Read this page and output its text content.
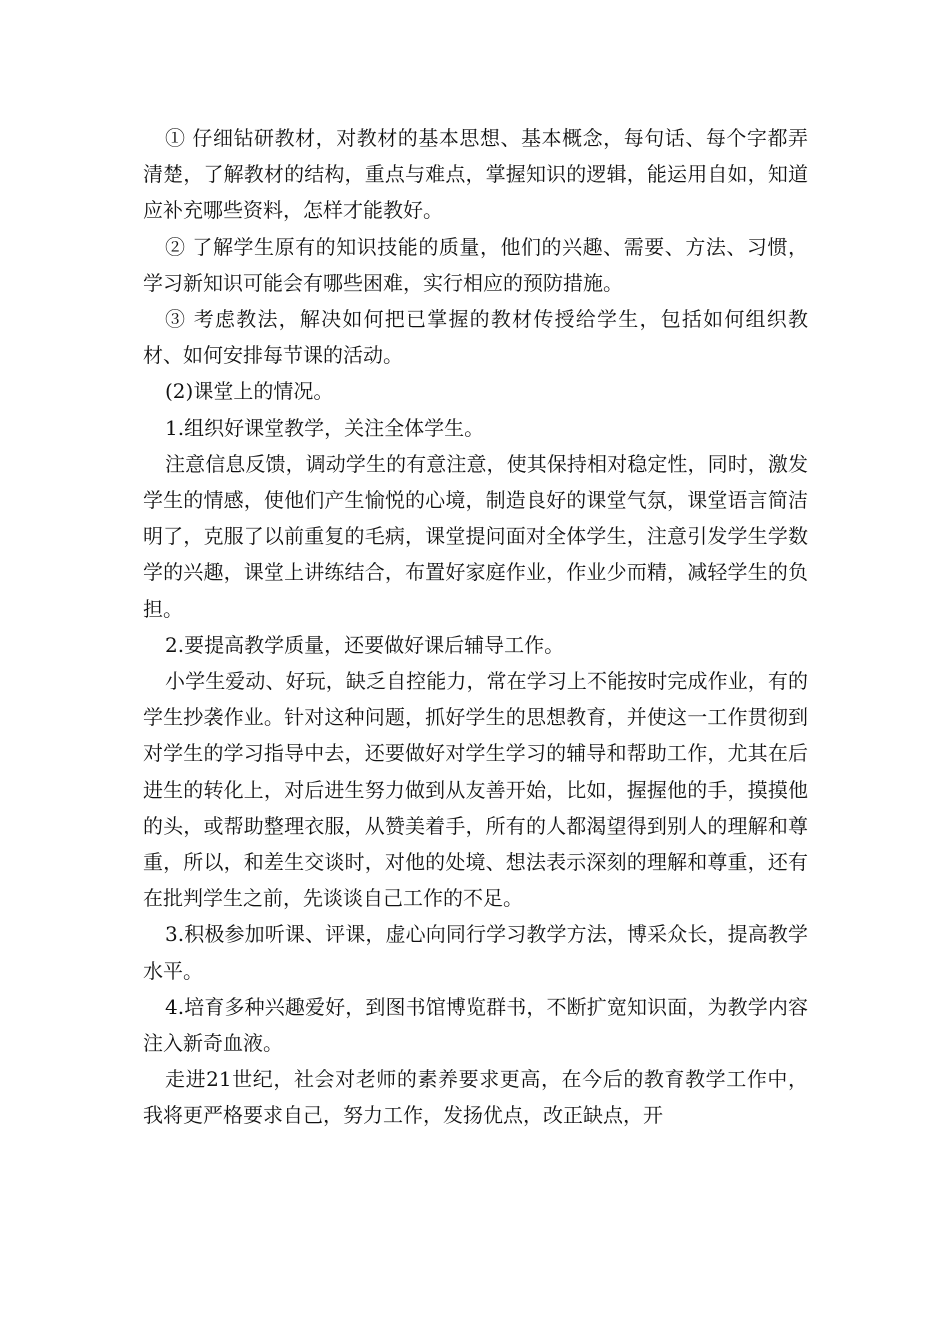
① 仔细钻研教材，对教材的基本思想、基本概念，每句话、每个字都弄清楚，了解教材的结构，重点与难点，掌握知识的逻辑，能运用自如，知道应补充哪些资料，怎样才能教好。

② 了解学生原有的知识技能的质量，他们的兴趣、需要、方法、习惯，学习新知识可能会有哪些困难，实行相应的预防措施。

③ 考虑教法，解决如何把已掌握的教材传授给学生，包括如何组织教材、如何安排每节课的活动。

(2)课堂上的情况。

1.组织好课堂教学，关注全体学生。

注意信息反馈，调动学生的有意注意，使其保持相对稳定性，同时，激发学生的情感，使他们产生愉悦的心境，制造良好的课堂气氛，课堂语言简洁明了，克服了以前重复的毛病，课堂提问面对全体学生，注意引发学生学数学的兴趣，课堂上讲练结合，布置好家庭作业，作业少而精，减轻学生的负担。

2.要提高教学质量，还要做好课后辅导工作。

小学生爱动、好玩，缺乏自控能力，常在学习上不能按时完成作业，有的学生抄袭作业。针对这种问题，抓好学生的思想教育，并使这一工作贯彻到对学生的学习指导中去，还要做好对学生学习的辅导和帮助工作，尤其在后进生的转化上，对后进生努力做到从友善开始，比如，握握他的手，摸摸他的头，或帮助整理衣服，从赞美着手，所有的人都渴望得到别人的理解和尊重，所以，和差生交谈时，对他的处境、想法表示深刻的理解和尊重，还有在批判学生之前，先谈谈自己工作的不足。

3.积极参加听课、评课，虚心向同行学习教学方法，博采众长，提高教学水平。

4.培育多种兴趣爱好，到图书馆博览群书，不断扩宽知识面，为教学内容注入新奇血液。

走进21世纪，社会对老师的素养要求更高，在今后的教育教学工作中，我将更严格要求自己，努力工作，发扬优点，改正缺点，开
